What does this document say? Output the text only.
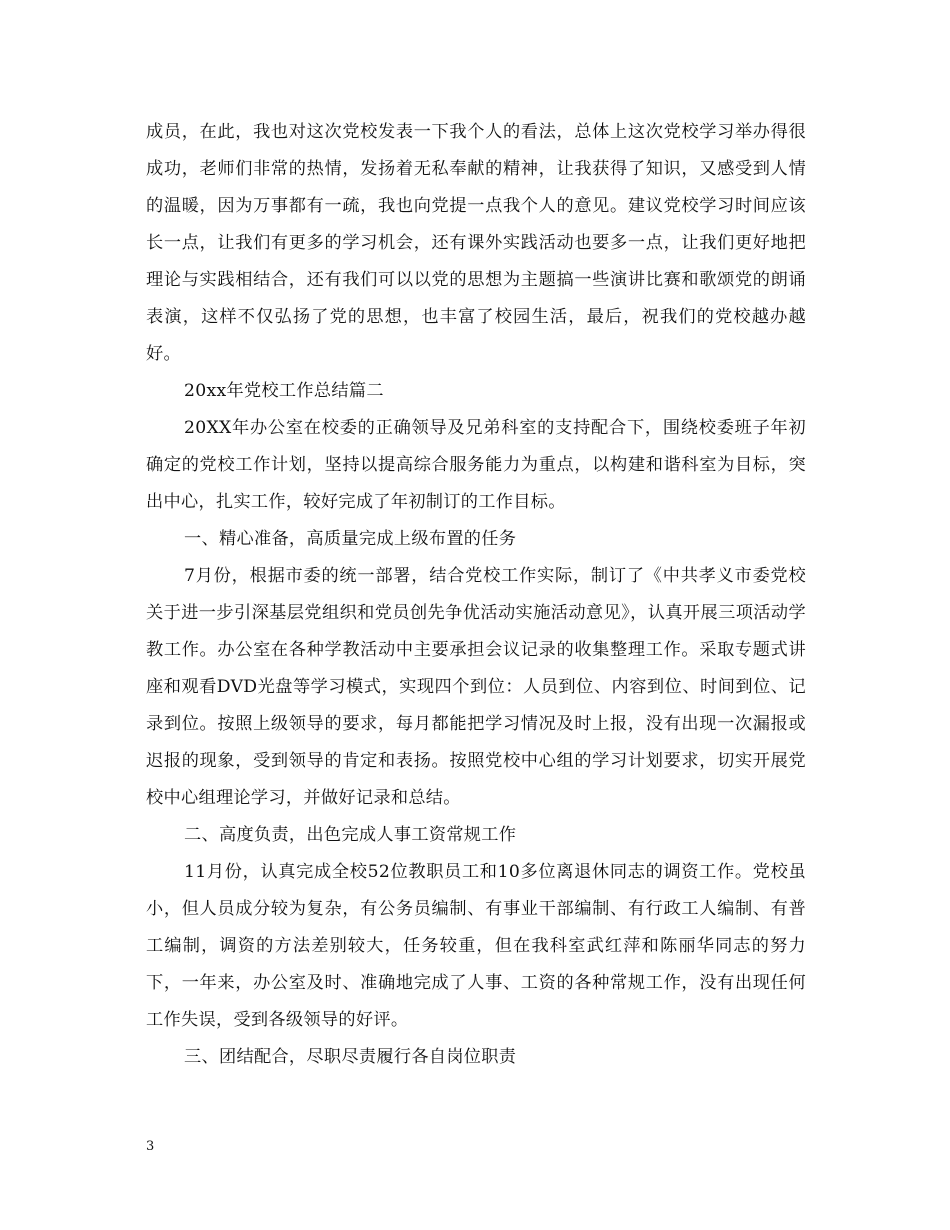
成员，在此，我也对这次党校发表一下我个人的看法，总体上这次党校学习举办得很成功，老师们非常的热情，发扬着无私奉献的精神，让我获得了知识，又感受到人情的温暖，因为万事都有一疏，我也向党提一点我个人的意见。建议党校学习时间应该长一点，让我们有更多的学习机会，还有课外实践活动也要多一点，让我们更好地把理论与实践相结合，还有我们可以以党的思想为主题搞一些演讲比赛和歌颂党的朗诵表演，这样不仅弘扬了党的思想，也丰富了校园生活，最后，祝我们的党校越办越好。

20xx年党校工作总结篇二

20XX年办公室在校委的正确领导及兄弟科室的支持配合下，围绕校委班子年初确定的党校工作计划，坚持以提高综合服务能力为重点，以构建和谐科室为目标，突出中心，扎实工作，较好完成了年初制订的工作目标。

一、精心准备，高质量完成上级布置的任务

7月份，根据市委的统一部署，结合党校工作实际，制订了《中共孝义市委党校关于进一步引深基层党组织和党员创先争优活动实施活动意见》，认真开展三项活动学教工作。办公室在各种学教活动中主要承担会议记录的收集整理工作。采取专题式讲座和观看DVD光盘等学习模式，实现四个到位：人员到位、内容到位、时间到位、记录到位。按照上级领导的要求，每月都能把学习情况及时上报，没有出现一次漏报或迟报的现象，受到领导的肯定和表扬。按照党校中心组的学习计划要求，切实开展党校中心组理论学习，并做好记录和总结。

二、高度负责，出色完成人事工资常规工作

11月份，认真完成全校52位教职员工和10多位离退休同志的调资工作。党校虽小，但人员成分较为复杂，有公务员编制、有事业干部编制、有行政工人编制、有普工编制，调资的方法差别较大，任务较重，但在我科室武红萍和陈丽华同志的努力下，一年来，办公室及时、准确地完成了人事、工资的各种常规工作，没有出现任何工作失误，受到各级领导的好评。

三、团结配合，尽职尽责履行各自岗位职责

3
